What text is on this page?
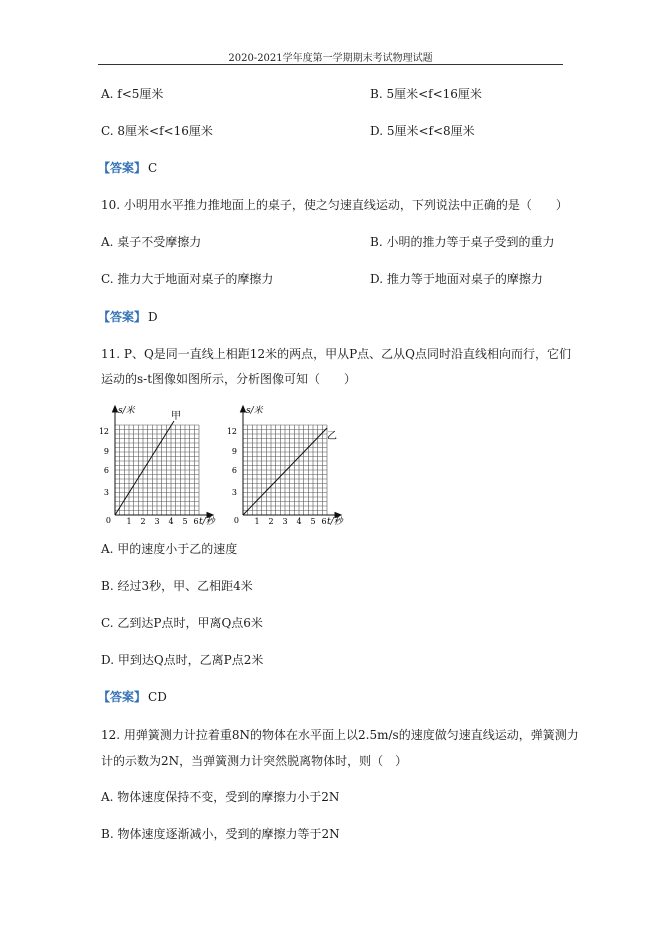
2020-2021学年度第一学期期末考试物理试题
A. f<5厘米	B. 5厘米<f<16厘米
C. 8厘米<f<16厘米	D. 5厘米<f<8厘米
【答案】 C
10. 小明用水平推力推地面上的桌子，使之匀速直线运动，下列说法中正确的是（　　）
A. 桌子不受摩擦力	B. 小明的推力等于桌子受到的重力
C. 推力大于地面对桌子的摩擦力	D. 推力等于地面对桌子的摩擦力
【答案】 D
11. P、Q是同一直线上相距12米的两点，甲从P点、乙从Q点同时沿直线相向而行，它们
运动的s-t图像如图所示，分析图像可知（　　）
甲
s/米
t/秒
0
3
6
9
12
1 2 3 4 5 6
乙
s/米
t/秒
0
3
6
9
12
1 2 3 4 5 6
A. 甲的速度小于乙的速度
B. 经过3秒，甲、乙相距4米
C. 乙到达P点时，甲离Q点6米
D. 甲到达Q点时，乙离P点2米
【答案】 CD
12. 用弹簧测力计拉着重8N的物体在水平面上以2.5m/s的速度做匀速直线运动，弹簧测力
计的示数为2N，当弹簧测力计突然脱离物体时，则（　）
A. 物体速度保持不变，受到的摩擦力小于2N
B. 物体速度逐渐减小，受到的摩擦力等于2N
